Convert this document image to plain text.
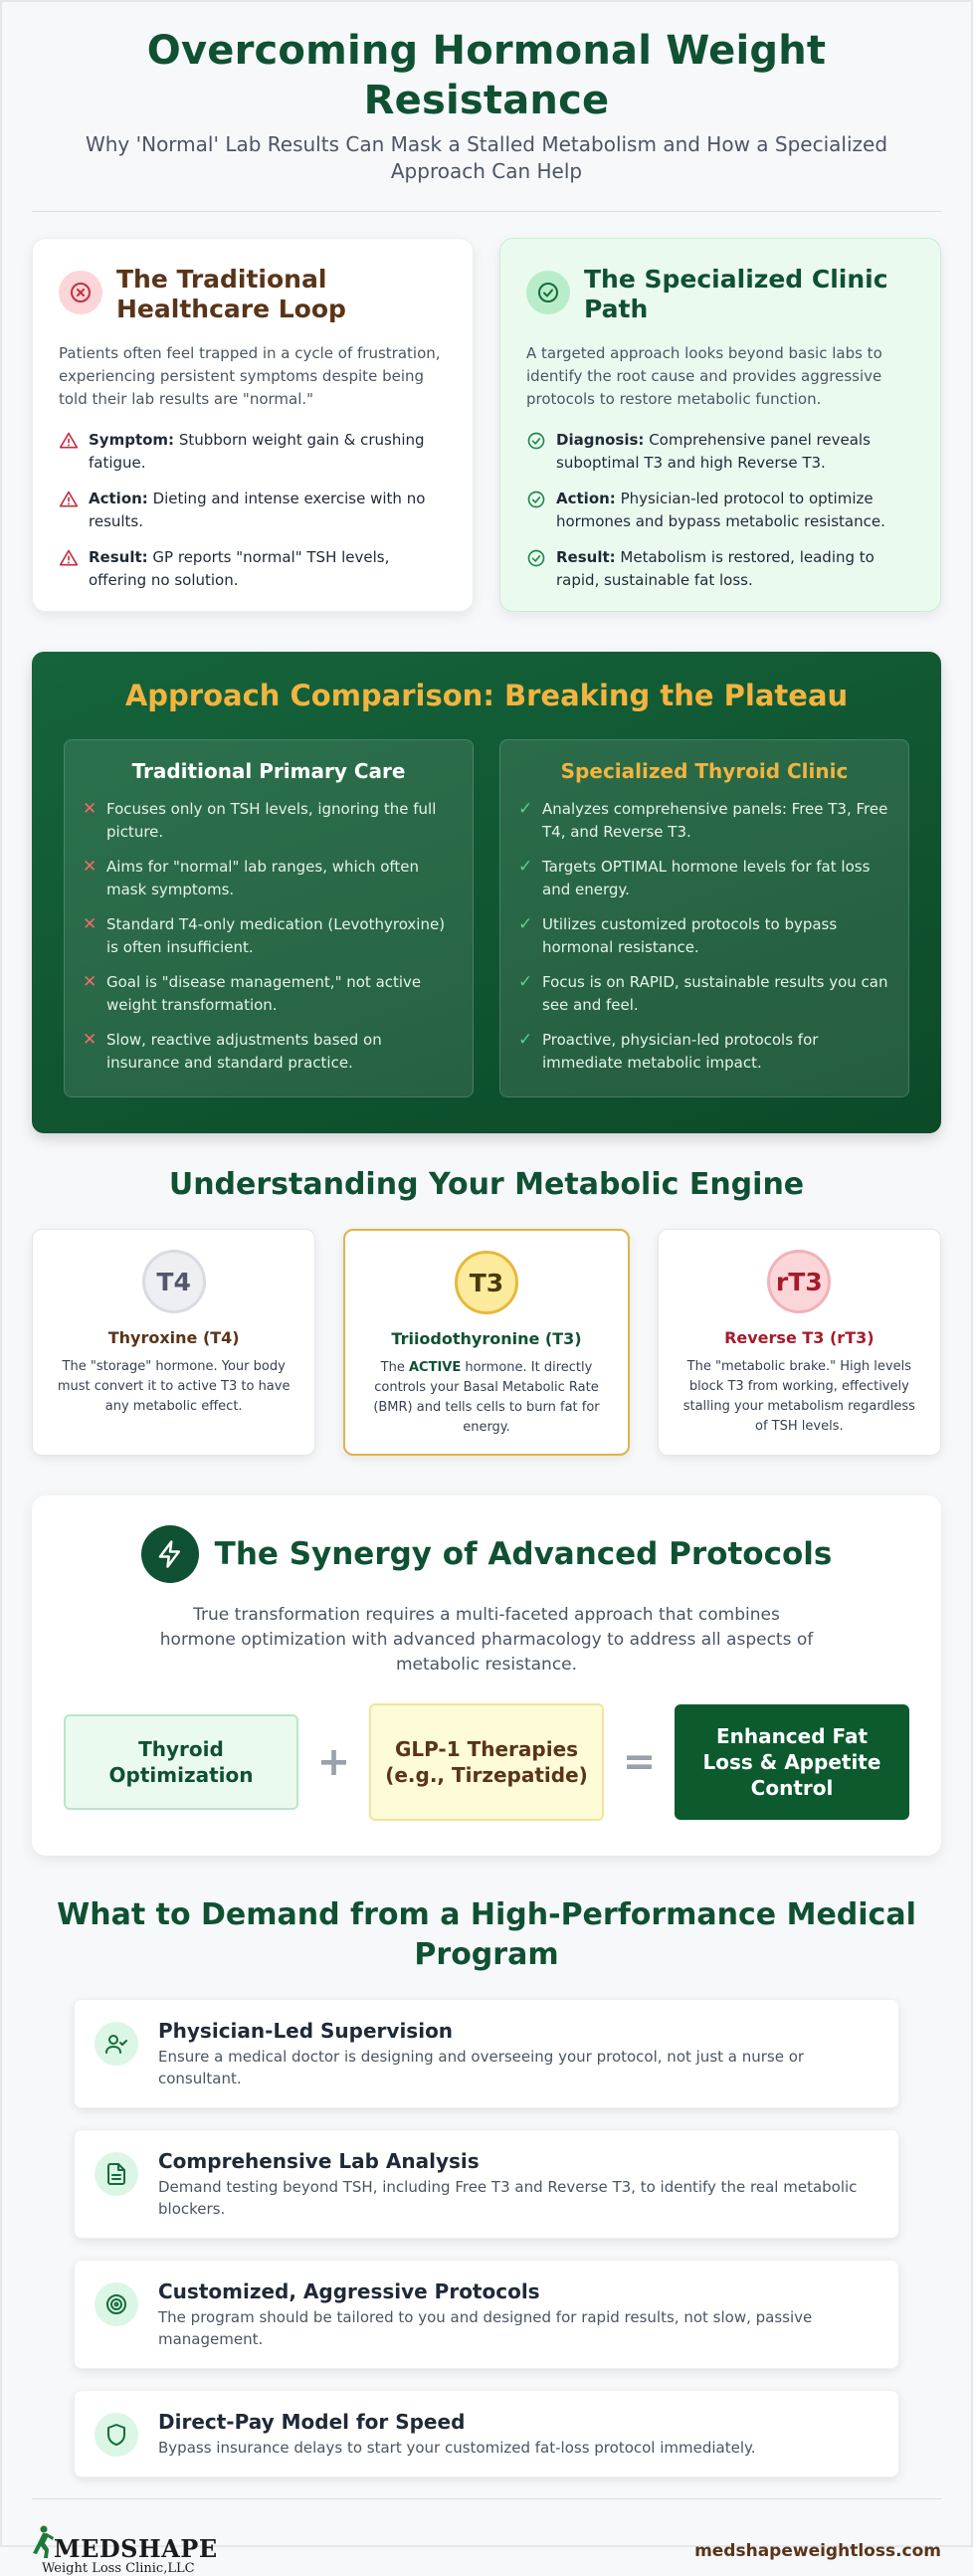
Overcoming Hormonal Weight Resistance

Why 'Normal' Lab Results Can Mask a Stalled Metabolism and How a Specialized Approach Can Help

The Traditional Healthcare Loop
Patients often feel trapped in a cycle of frustration, experiencing persistent symptoms despite being told their lab results are "normal."
Symptom: Stubborn weight gain & crushing fatigue.
Action: Dieting and intense exercise with no results.
Result: GP reports "normal" TSH levels, offering no solution.
The Specialized Clinic Path
A targeted approach looks beyond basic labs to identify the root cause and provides aggressive protocols to restore metabolic function.
Diagnosis: Comprehensive panel reveals suboptimal T3 and high Reverse T3.
Action: Physician-led protocol to optimize hormones and bypass metabolic resistance.
Result: Metabolism is restored, leading to rapid, sustainable fat loss.
Approach Comparison: Breaking the Plateau
Traditional Primary Care
✕ Focuses only on TSH levels, ignoring the full picture.
✕ Aims for "normal" lab ranges, which often mask symptoms.
✕ Standard T4-only medication (Levothyroxine) is often insufficient.
✕ Goal is "disease management," not active weight transformation.
✕ Slow, reactive adjustments based on insurance and standard practice.
Specialized Thyroid Clinic
✓ Analyzes comprehensive panels: Free T3, Free T4, and Reverse T3.
✓ Targets OPTIMAL hormone levels for fat loss and energy.
✓ Utilizes customized protocols to bypass hormonal resistance.
✓ Focus is on RAPID, sustainable results you can see and feel.
✓ Proactive, physician-led protocols for immediate metabolic impact.
Understanding Your Metabolic Engine
T4
Thyroxine (T4)
The "storage" hormone. Your body must convert it to active T3 to have any metabolic effect.
T3
Triiodothyronine (T3)
The ACTIVE hormone. It directly controls your Basal Metabolic Rate (BMR) and tells cells to burn fat for energy.
rT3
Reverse T3 (rT3)
The "metabolic brake." High levels block T3 from working, effectively stalling your metabolism regardless of TSH levels.
The Synergy of Advanced Protocols
True transformation requires a multi-faceted approach that combines hormone optimization with advanced pharmacology to address all aspects of metabolic resistance.
Thyroid Optimization	+	GLP-1 Therapies (e.g., Tirzepatide) =
Enhanced Fat Loss & Appetite Control
What to Demand from a High-Performance Medical Program
Physician-Led Supervision
Ensure a medical doctor is designing and overseeing your protocol, not just a nurse or consultant.
Comprehensive Lab Analysis
Demand testing beyond TSH, including Free T3 and Reverse T3, to identify the real metabolic blockers.
Customized, Aggressive Protocols
The program should be tailored to you and designed for rapid results, not slow, passive management.
Direct-Pay Model for Speed
Bypass insurance delays to start your customized fat-loss protocol immediately.
MEDSHAPE
Weight Loss Clinic,LLC
medshapeweightloss.com
